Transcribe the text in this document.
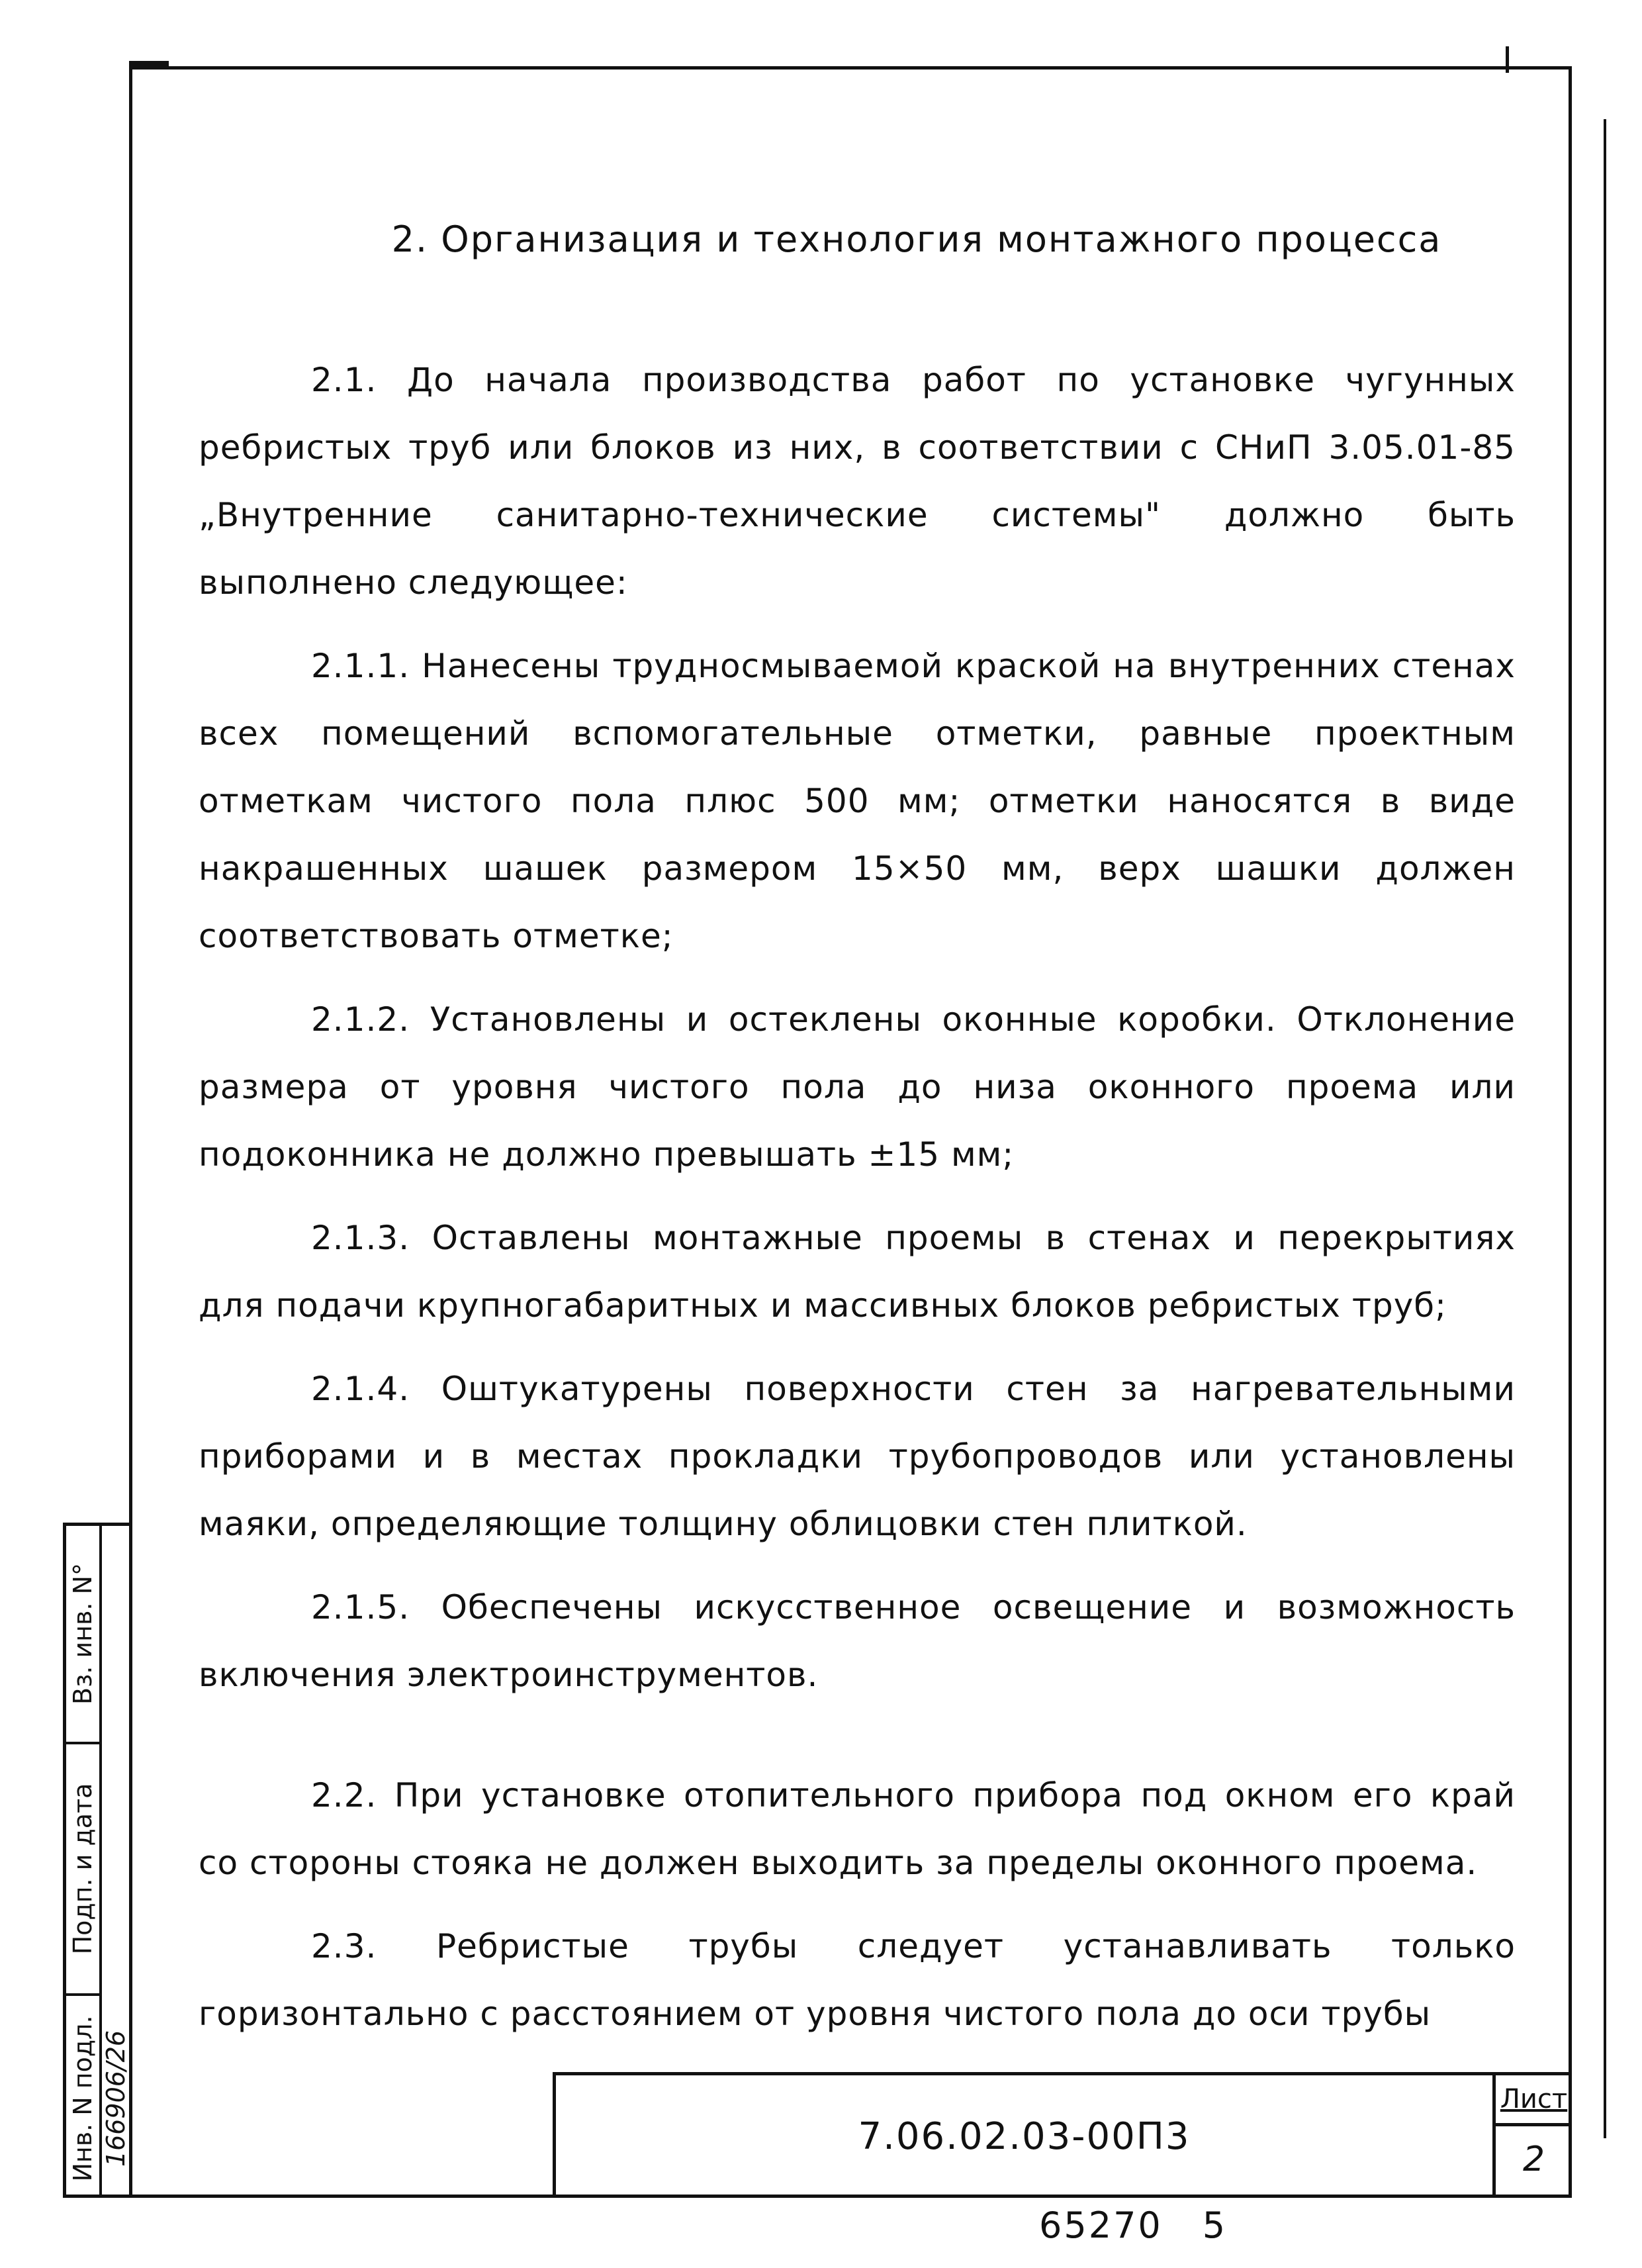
2. Организация и технология монтажного процесса

2.1. До начала производства работ по установке чугунных ребристых труб или блоков из них, в соответствии с СНиП 3.05.01-85 „Внутренние санитарно-технические системы" должно быть выполнено следующее:

2.1.1. Нанесены трудносмываемой краской на внутренних стенах всех помещений вспомогательные отметки, равные проектным отметкам чистого пола плюс 500 мм; отметки наносятся в виде накрашенных шашек размером 15×50 мм, верх шашки должен соответствовать отметке;

2.1.2. Установлены и остеклены оконные коробки. Отклонение размера от уровня чистого пола до низа оконного проема или подоконника не должно превышать ±15 мм;

2.1.3. Оставлены монтажные проемы в стенах и перекрытиях для подачи крупногабаритных и массивных блоков ребристых труб;

2.1.4. Оштукатурены поверхности стен за нагревательными приборами и в местах прокладки трубопроводов или установлены маяки, определяющие толщину облицовки стен плиткой.

2.1.5. Обеспечены искусственное освещение и возможность включения электроинструментов.

2.2. При установке отопительного прибора под окном его край со стороны стояка не должен выходить за пределы оконного проема.

2.3. Ребристые трубы следует устанавливать только горизонтально с расстоянием от уровня чистого пола до оси трубы

Вз. инв. N°
Подп. и дата
Инв. N подл. 166906/26	7.06.02.03-00П3
Лист
2
65270 5
